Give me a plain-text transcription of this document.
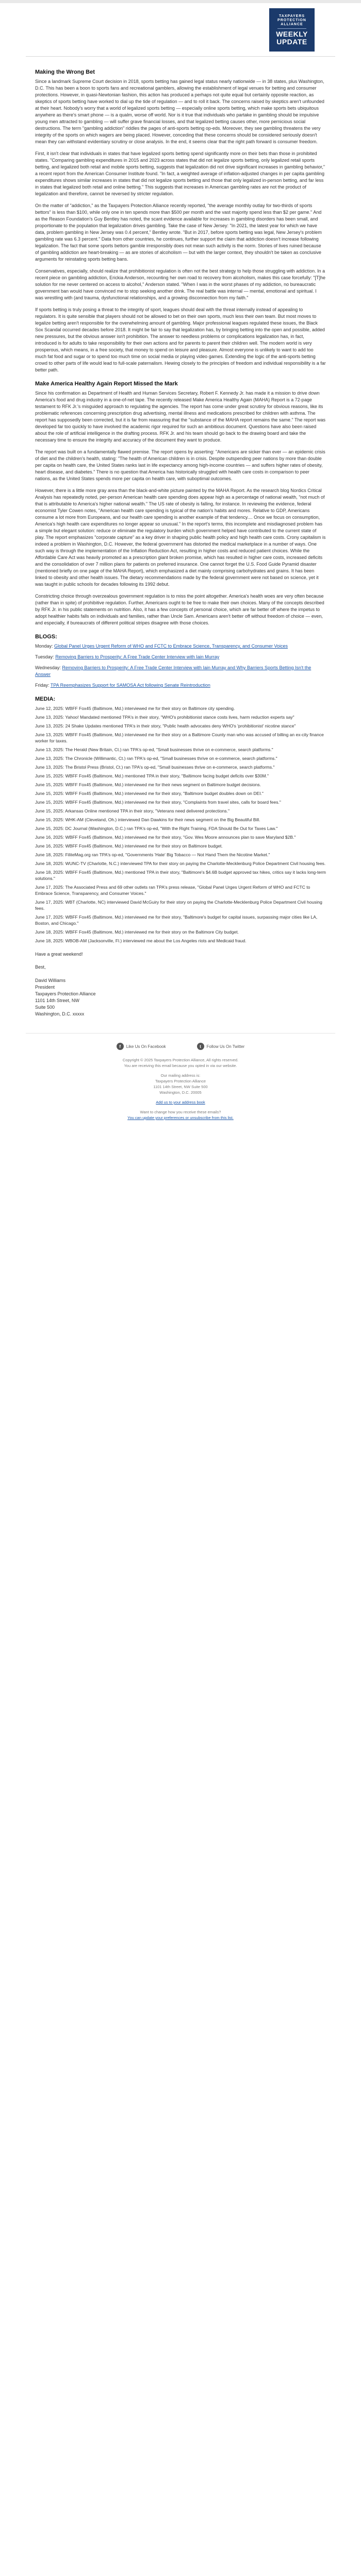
TAXPAYERS
PROTECTION ALLIANCE
WEEKLY
UPDATE
Making the Wrong Bet

Since a landmark Supreme Court decision in 2018, sports betting has gained legal status nearly nationwide — in 38 states, plus Washington, D.C. This has been a boon to sports fans and recreational gamblers, allowing the establishment of legal venues for betting and consumer protections. However, in quasi-Newtonian fashion, this action has produced a perhaps not quite equal but certainly opposite reaction, as skeptics of sports betting have worked to dial up the tide of regulation — and to roll it back. The concerns raised by skeptics aren't unfounded at their heart. Nobody's worry that a world of legalized sports betting — especially online sports betting, which make sports bets ubiquitous anywhere as there's smart phone — is a qualm, worse off world. Nor is it true that individuals who partake in gambling should be impulsive young men attracted to gambling — will suffer grave financial losses, and that legalized betting causes other, more pernicious social destructions. The term "gambling addiction" riddles the pages of anti-sports betting op-eds. Moreover, they see gambling threatens the very integrity of the sports on which wagers are being placed. However, conceding that these concerns should be considered seriously doesn't mean they can withstand evidentiary scrutiny or close analysis. In the end, it seems clear that the right path forward is consumer freedom.

First, it isn't clear that individuals in states that have legalized sports betting spend significantly more on their bets than those in prohibited states. "Comparing gambling expenditures in 2015 and 2023 across states that did not legalize sports betting, only legalized retail sports betting, and legalized both retail and mobile sports betting, suggests that legalization did not drive significant increases in gambling behavior," a recent report from the American Consumer Institute found. "In fact, a weighted average of inflation-adjusted changes in per capita gambling expenditures shows similar increases in states that did not legalize sports betting and those that only legalized in-person betting, and far less in states that legalized both retail and online betting." This suggests that increases in American gambling rates are not the product of legalization and therefore, cannot be reversed by stricter regulation.

On the matter of "addiction," as the Taxpayers Protection Alliance recently reported, "the average monthly outlay for two-thirds of sports bettors" is less than $100, while only one in ten spends more than $500 per month and the vast majority spend less than $2 per game." And as the Reason Foundation's Guy Bentley has noted, the scant evidence available for increases in gambling disorders has been small, and proportionate to the population that legalization drives gambling. Take the case of New Jersey: "In 2021, the latest year for which we have data, problem gambling in New Jersey was 0.4 percent," Bentley wrote. "But in 2017, before sports betting was legal, New Jersey's problem gambling rate was 6.3 percent." Data from other countries, he continues, further support the claim that addiction doesn't increase following legalization. The fact that some sports bettors gamble irresponsibly does not mean such activity is the norm. Stories of lives ruined because of gambling addiction are heart-breaking — as are stories of alcoholism — but with the larger context, they shouldn't be taken as conclusive arguments for reinstating sports betting bans.

Conservatives, especially, should realize that prohibitionist regulation is often not the best strategy to help those struggling with addiction. In a recent piece on gambling addiction, Erickia Anderson, recounting her own road to recovery from alcoholism, makes this case forcefully: "[T]he solution for me never centered on access to alcohol," Anderson stated. "When I was in the worst phases of my addiction, no bureaucratic government ban would have convinced me to stop seeking another drink. The real battle was internal — mental, emotional and spiritual. I was wrestling with (and trauma, dysfunctional relationships, and a growing disconnection from my faith."

If sports betting is truly posing a threat to the integrity of sport, leagues should deal with the threat internally instead of appealing to regulators. It is quite sensible that players should not be allowed to bet on their own sports, much less their own team. But most moves to legalize betting aren't responsible for the overwhelming amount of gambling. Major professional leagues regulated these issues, the Black Sox Scandal occurred decades before 2018. It might be fair to say that legalization has, by bringing betting into the open and possible, added new pressures, but the obvious answer isn't prohibition. The answer to needless problems or complications legalization has, in fact, introduced is for adults to take responsibility for their own actions and for parents to parent their children well. The modern world is very prosperous, which means, in a free society, that money to spend on leisure and pleasure. Almost everyone is unlikely to want to add too much fat food and sugar or to spend too much time on social media or playing video games. Extending the logic of the anti-sports betting crowd to other parts of life would lead to full-scale paternalism. Hewing closely to the principles of freedom and individual responsibility is a far better path.

Make America Healthy Again Report Missed the Mark

Since his confirmation as Department of Health and Human Services Secretary, Robert F. Kennedy Jr. has made it a mission to drive down America's food and drug industry in a one-of-net tape. The recently released Make America Healthy Again (MAHA) Report is a 72-page testament to RFK Jr.'s misguided approach to regulating the agencies. The report has come under great scrutiny for obvious reasons, like its problematic references concerning prescription drug advertising, mental illness and medications prescribed for children with asthma. The report has supposedly been corrected, but it is far from reassuring that the "substance of the MAHA report remains the same." The report was developed far too quickly to have involved the academic rigor required for such an ambitious document. Questions have also been raised about the role of artificial intelligence in the drafting process. RFK Jr. and his team should go back to the drawing board and take the necessary time to ensure the integrity and accuracy of the document they want to produce.

The report was built on a fundamentally flawed premise. The report opens by asserting: "Americans are sicker than ever — an epidemic crisis of diet and the children's health, stating: "The health of American children is in crisis. Despite outspending peer nations by more than double per capita on health care, the United States ranks last in life expectancy among high-income countries — and suffers higher rates of obesity, heart disease, and diabetes." There is no question that America has historically struggled with health care costs in comparison to peer nations, as the United States spends more per capita on health care, with suboptimal outcomes.

However, there is a little more gray area than the black-and-white picture painted by the MAHA Report. As the research blog Nordics Critical Analysis has repeatedly noted, per-person American health care spending does appear high as a percentage of national wealth, "not much of that is attributable to America's higher national wealth." The US rate of obesity is falling, for instance. In reviewing the evidence, federal economist Tyler Cowen notes, "American health care spending is typical of the nation's habits and mores. Relative to GDP, Americans consume a lot more from Europeans, and our health care spending is another example of that tendency.... Once we focus on consumption, America's high health care expenditures no longer appear so unusual." In the report's terms, this incomplete and misdiagnosed problem has a simple but elegant solution: reduce or eliminate the regulatory burden which government helped have contributed to the current state of play. The report emphasizes "corporate capture" as a key driver in shaping public health policy and high health care costs. Crony capitalism is indeed a problem in Washington, D.C. However, the federal government has distorted the medical marketplace in a number of ways. One such way is through the implementation of the Inflation Reduction Act, resulting in higher costs and reduced patient choices. While the Affordable Care Act was heavily promoted as a prescription giant broken promise, which has resulted in higher care costs, increased deficits and the consolidation of over 7 million plans for patients on preferred insurance. One cannot forget the U.S. Food Guide Pyramid disaster (mentioned briefly on one page of the MAHA Report), which emphasized a diet mainly comprising carbohydrates and grains. It has been linked to obesity and other health issues. The dietary recommendations made by the federal government were not based on science, yet it was taught in public schools for decades following its 1992 debut.

Constricting choice through overzealous government regulation is to miss the point altogether. America's health woes are very often because (rather than in spite) of prohibitive regulation. Further, Americans ought to be free to make their own choices. Many of the concepts described by RFK Jr. in his public statements on nutrition. Also, it has a few concepts of personal choice, which are far better off where the impetus to adopt healthier habits falls on individuals and families, rather than Uncle Sam. Americans aren't better off without freedom of choice — even, and especially, if bureaucrats of different political stripes disagree with those choices.

BLOGS:
Monday: Global Panel Urges Urgent Reform of WHO and FCTC to Embrace Science, Transparency, and Consumer Voices
Tuesday: Removing Barriers to Prosperity: A Free Trade Center Interview with Iain Murray
Wednesday: Removing Barriers to Prosperity: A Free Trade Center Interview with Iain Murray and Why Barriers Sports Betting Isn't the Answer
Friday: TPA Reemphasizes Support for SAMOSA Act following Senate Reintroduction
MEDIA:
June 12, 2025: WBFF Fox45 (Baltimore, Md.) interviewed me for their story on Baltimore city spending.
June 13, 2025: Yahoo! Mandated mentioned TPA's in their story, "WHO's prohibitionist stance costs lives, harm reduction experts say"
June 13, 2025: 24 Shake Updates mentioned TPA's in their story, "Public health advocates deny WHO's 'prohibitionist' nicotine stance"
June 13, 2025: WBFF Fox45 (Baltimore, Md.) interviewed me for their story on a Baltimore County man who was accused of billing an ex-city finance worker for taxes.
June 13, 2025: The Herald (New Britain, Ct.) ran TPA's op-ed, "Small businesses thrive on e-commerce, search platforms."
June 13, 2025: The Chronicle (Willimantic, Ct.) ran TPA's op-ed, "Small businesses thrive on e-commerce, search platforms."
June 13, 2025: The Bristol Press (Bristol, Ct.) ran TPA's op-ed, "Small businesses thrive on e-commerce, search platforms."
June 15, 2025: WBFF Fox45 (Baltimore, Md.) mentioned TPA in their story, "Baltimore facing budget deficits over $30M."
June 15, 2025: WBFF Fox45 (Baltimore, Md.) interviewed me for their news segment on Baltimore budget decisions.
June 15, 2025: WBFF Fox45 (Baltimore, Md.) interviewed me for their story, "Baltimore budget doubles down on DEI."
June 15, 2025: WBFF Fox45 (Baltimore, Md.) interviewed me for their story, "Complaints from travel sites, calls for board fees."
June 15, 2025: Arkansas Online mentioned TPA in their story, "Veterans need delivered protections."
June 15, 2025: WHK-AM (Cleveland, Oh.) interviewed Dan Dawkins for their news segment on the Big Beautiful Bill.
June 15, 2025: DC Journal (Washington, D.C.) ran TPA's op-ed, "With the Right Training, FDA Should Be Out for Taxes Law."
June 16, 2025: WBFF Fox45 (Baltimore, Md.) interviewed me for their story, "Gov. Wes Moore announces plan to save Maryland $2B."
June 16, 2025: WBFF Fox45 (Baltimore, Md.) interviewed me for their story on Baltimore budget.
June 18, 2025: FiliteMag.org ran TPA's op-ed, "Governments 'Hate' Big Tobacco — Not Hand Them the Nicotine Market."
June 18, 2025: WUNC-TV (Charlotte, N.C.) interviewed TPA for their story on paying the Charlotte-Mecklenburg Police Department Civil housing fees.
June 18, 2025: WBFF Fox45 (Baltimore, Md.) mentioned TPA in their story, "Baltimore's $4.6B budget approved tax hikes, critics say it lacks long-term solutions."
June 17, 2025: The Associated Press and 69 other outlets ran TPA's press release, "Global Panel Urges Urgent Reform of WHO and FCTC to Embrace Science, Transparency, and Consumer Voices."
June 17, 2025: WBT (Charlotte, NC) interviewed David McGuiry for their story on paying the Charlotte-Mecklenburg Police Department Civil housing fees.
June 17, 2025: WBFF Fox45 (Baltimore, Md.) interviewed me for their story, "Baltimore's budget for capital issues, surpassing major cities like LA, Boston, and Chicago."
June 18, 2025: WBFF Fox45 (Baltimore, Md.) interviewed me for their story on the Baltimore City budget.
June 18, 2025: WBOB-AM (Jacksonville, Fl.) interviewed me about the Los Angeles riots and Medicaid fraud.

Have a great weekend!

Best,

David Williams

President

Taxpayers Protection Alliance

1101 14th Street, NW

Suite 500

Washington, D.C. xxxxx

f	Like Us On Facebook	t	Follow Us On Twitter

Copyright © 2025 Taxpayers Protection Alliance, All rights reserved.

You are receiving this email because you opted in via our website.

Our mailing address is:

Taxpayers Protection Alliance

1101 14th Street, NW Suite 500

Washington, D.C. 20005

Add us to your address book

Want to change how you receive these emails?

You can update your preferences or unsubscribe from this list.
